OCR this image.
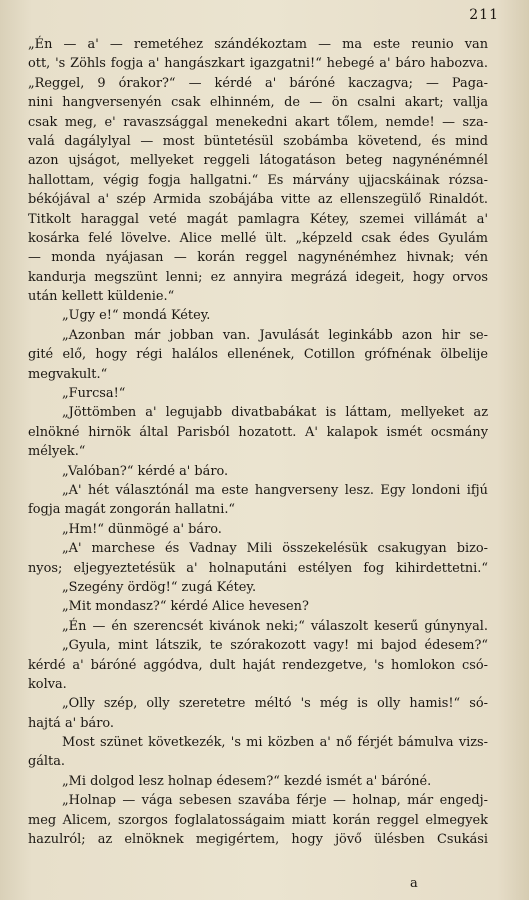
211

„Én — a' — remetéhez szándékoztam — ma este reunio van

ott, 's Zöhls fogja a' hangászkart igazgatni!“ hebegé a' báro habozva.

„Reggel, 9 órakor?“ — kérdé a' báróné kaczagva; — Paga-

nini hangversenyén csak elhinném, de — ön csalni akart; vallja

csak meg, e' ravaszsággal menekedni akart tőlem, nemde! — sza-

valá dagálylyal — most büntetésül szobámba követend, és mind

azon ujságot, mellyeket reggeli látogatáson beteg nagynénémnél

hallottam, végig fogja hallgatni.“ Es márvány ujjacskáinak rózsa-

békójával a' szép Armida szobájába vitte az ellenszegülő Rinaldót.

Titkolt haraggal veté magát pamlagra Kétey, szemei villámát a'

kosárka felé lövelve. Alice mellé ült. „képzeld csak édes Gyulám

— monda nyájasan — korán reggel nagynénémhez hivnak; vén

kandurja megszünt lenni; ez annyira megrázá idegeit, hogy orvos

után kellett küldenie.“

„Ugy e!“ mondá Kétey.

„Azonban már jobban van. Javulását leginkább azon hir se-

gité elő, hogy régi halálos ellenének, Cotillon grófnénak ölbelije

megvakult.“

„Furcsa!“

„Jöttömben a' legujabb divatbabákat is láttam, mellyeket az

elnökné hirnök által Parisból hozatott. A' kalapok ismét ocsmány

mélyek.“

„Valóban?“ kérdé a' báro.

„A' hét választónál ma este hangverseny lesz. Egy londoni ifjú

fogja magát zongorán hallatni.“

„Hm!“ dünmögé a' báro.

„A' marchese és Vadnay Mili összekelésük csakugyan bizo-

nyos; eljegyeztetésük a' holnaputáni estélyen fog kihirdettetni.“

„Szegény ördög!“ zugá Kétey.

„Mit mondasz?“ kérdé Alice hevesen?

„Én — én szerencsét kivánok neki;“ válaszolt keserű gúnynyal.

„Gyula, mint látszik, te szórakozott vagy! mi bajod édesem?“

kérdé a' báróné aggódva, dult haját rendezgetve, 's homlokon csó-

kolva.

„Olly szép, olly szeretetre méltó 's még is olly hamis!“ só-

hajtá a' báro.

Most szünet következék, 's mi közben a' nő férjét bámulva vizs-

gálta.

„Mi dolgod lesz holnap édesem?“ kezdé ismét a' báróné.

„Holnap — vága sebesen szavába férje — holnap, már engedj-

meg Alicem, szorgos foglalatosságaim miatt korán reggel elmegyek

hazulról; az elnöknek megigértem, hogy jövő ülésben Csukási

a
